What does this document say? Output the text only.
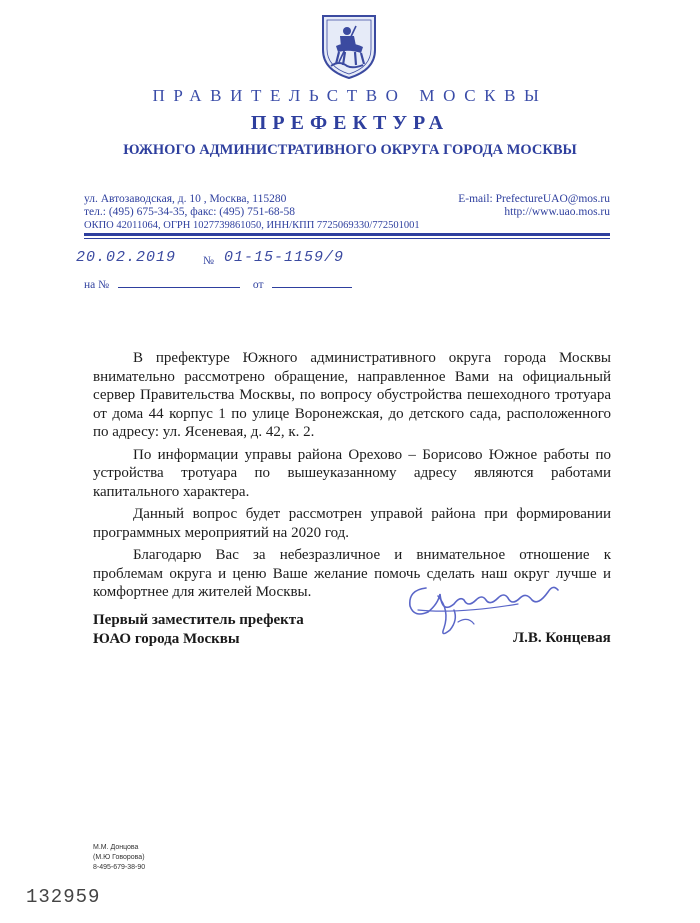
ПРАВИТЕЛЬСТВО МОСКВЫ
ПРЕФЕКТУРА
ЮЖНОГО АДМИНИСТРАТИВНОГО ОКРУГА ГОРОДА МОСКВЫ
ул. Автозаводская, д. 10 , Москва, 115280
тел.: (495) 675-34-35, факс: (495) 751-68-58
ОКПО 42011064, ОГРН 1027739861050, ИНН/КПП 7725069330/772501001
E-mail: PrefectureUAO@mos.ru
http://www.uao.mos.ru
20.02.2019 № 01-15-1159/9
на №	от

В префектуре Южного административного округа города Москвы внимательно рассмотрено обращение, направленное Вами на официальный сервер Правительства Москвы, по вопросу обустройства пешеходного тротуара от дома 44 корпус 1 по улице Воронежская, до детского сада, расположенного по адресу: ул. Ясеневая, д. 42, к. 2.

По информации управы района Орехово – Борисово Южное работы по устройства тротуара по вышеуказанному адресу являются работами капитального характера.

Данный вопрос будет рассмотрен управой района при формировании программных мероприятий на 2020 год.

Благодарю Вас за небезразличное и внимательное отношение к проблемам округа и ценю Ваше желание помочь сделать наш округ лучше и комфортнее для жителей Москвы.

Первый заместитель префекта
ЮАО города Москвы	Л.В. Концевая
М.М. Донцова
(М.Ю Говорова)
8-495-679-38-90
132959
